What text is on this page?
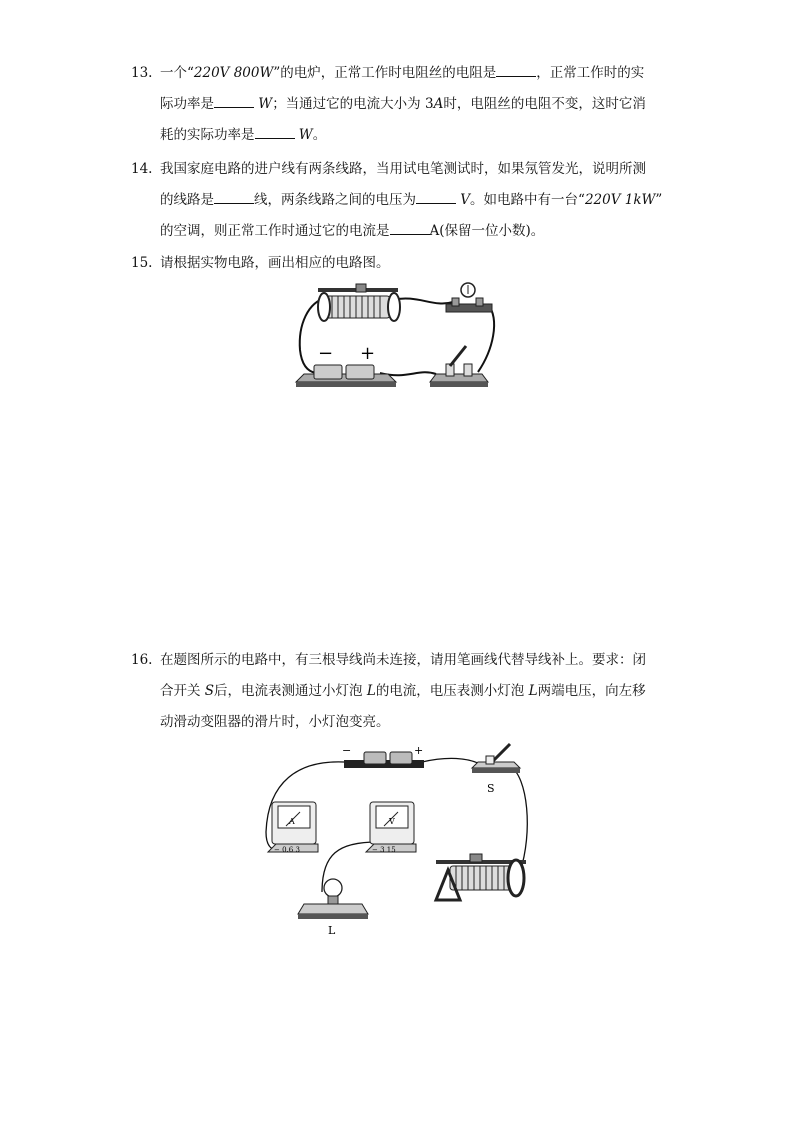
13. 一个“220V 800W”的电炉，正常工作时电阻丝的电阻是	，正常工作时的实
际功率是	W；当通过它的电流大小为 3A时，电阻丝的电阻不变，这时它消
耗的实际功率是	W。
14. 我国家庭电路的进户线有两条线路，当用试电笔测试时，如果氖管发光，说明所测
的线路是	线，两条线路之间的电压为	V。如电路中有一台“220V 1kW”
的空调，则正常工作时通过它的电流是	A(保留一位小数)。
15. 请根据实物电路，画出相应的电路图。
− +
16. 在题图所示的电路中，有三根导线尚未连接，请用笔画线代替导线补上。要求：闭
合开关 S后，电流表测通过小灯泡 L的电流，电压表测小灯泡 L两端电压，向左移
动滑动变阻器的滑片时，小灯泡变亮。
−	+
S
A
− 0.6 3
V
− 3 15
L
